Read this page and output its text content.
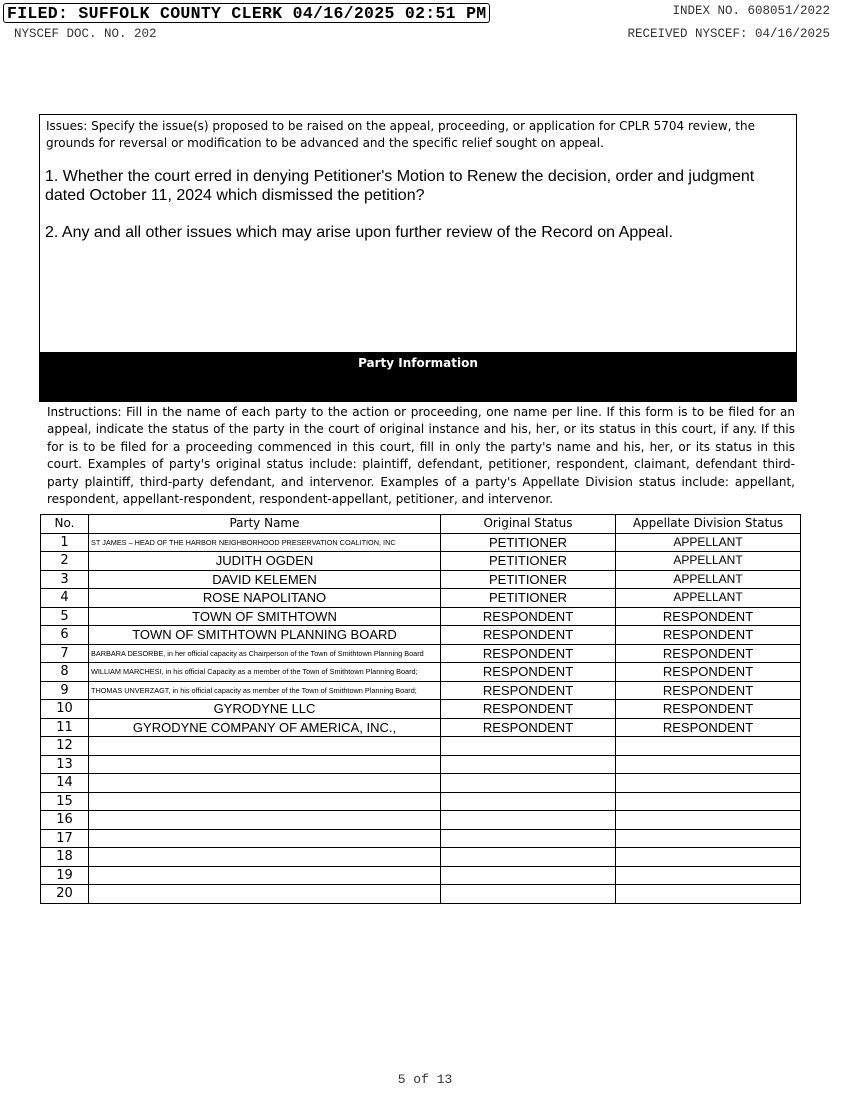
FILED: SUFFOLK COUNTY CLERK 04/16/2025 02:51 PM
NYSCEF DOC. NO. 202
INDEX NO. 608051/2022
RECEIVED NYSCEF: 04/16/2025
Issues: Specify the issue(s) proposed to be raised on the appeal, proceeding, or application for CPLR 5704 review, the grounds for reversal or modification to be advanced and the specific relief sought on appeal.
1. Whether the court erred in denying Petitioner's Motion to Renew the decision, order and judgment dated October 11, 2024 which dismissed the petition?
2. Any and all other issues which may arise upon further review of the Record on Appeal.
Party Information
Instructions: Fill in the name of each party to the action or proceeding, one name per line. If this form is to be filed for an appeal, indicate the status of the party in the court of original instance and his, her, or its status in this court, if any. If this for is to be filed for a proceeding commenced in this court, fill in only the party's name and his, her, or its status in this court. Examples of party's original status include: plaintiff, defendant, petitioner, respondent, claimant, defendant third-party plaintiff, third-party defendant, and intervenor. Examples of a party's Appellate Division status include: appellant, respondent, appellant-respondent, respondent-appellant, petitioner, and intervenor.
No.	Party Name	Original Status	Appellate Division Status
1	ST JAMES – HEAD OF THE HARBOR NEIGHBORHOOD PRESERVATION COALITION, INC	PETITIONER	APPELLANT
2	JUDITH OGDEN	PETITIONER	APPELLANT
3	DAVID KELEMEN	PETITIONER	APPELLANT
4	ROSE NAPOLITANO	PETITIONER	APPELLANT
5	TOWN OF SMITHTOWN	RESPONDENT	RESPONDENT
6	TOWN OF SMITHTOWN PLANNING BOARD	RESPONDENT	RESPONDENT
7	BARBARA DESORBE, in her official capacity as Chairperson of the Town of Smithtown Planning Board	RESPONDENT	RESPONDENT
8	WILLIAM MARCHESI, in his official Capacity as a member of the Town of Smithtown Planning Board;	RESPONDENT	RESPONDENT
9	THOMAS UNVERZAGT, in his official capacity as member of the Town of Smithtown Planning Board;	RESPONDENT	RESPONDENT
10	GYRODYNE LLC	RESPONDENT	RESPONDENT
11	GYRODYNE COMPANY OF AMERICA, INC.,	RESPONDENT	RESPONDENT
12			
13			
14			
15			
16			
17			
18			
19			
20			
5 of 13
